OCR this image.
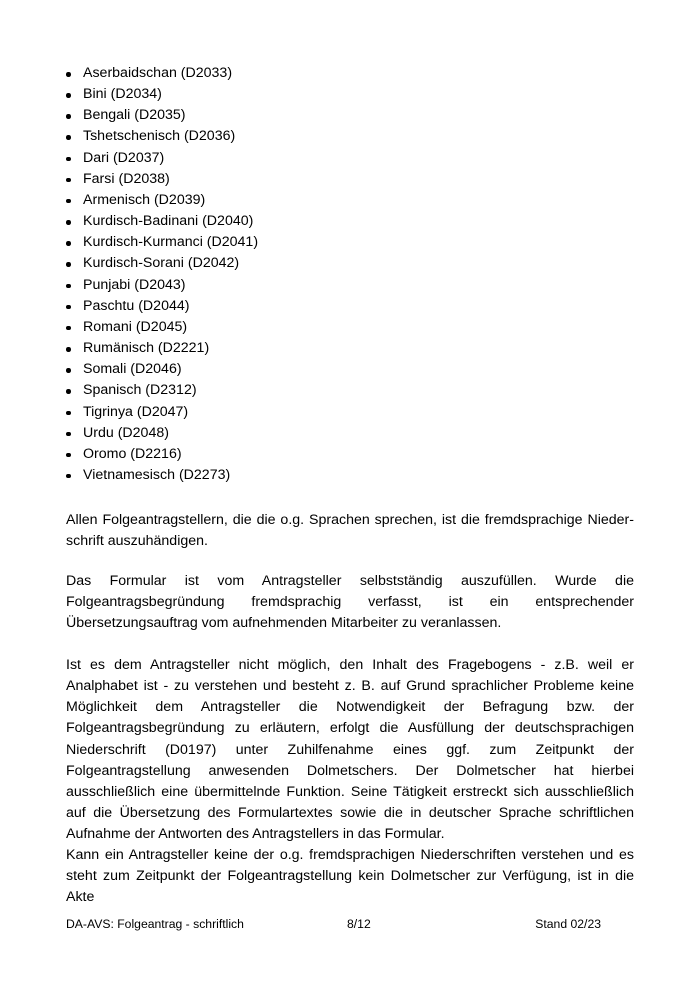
Aserbaidschan (D2033)
Bini (D2034)
Bengali (D2035)
Tshetschenisch (D2036)
Dari (D2037)
Farsi (D2038)
Armenisch (D2039)
Kurdisch-Badinani (D2040)
Kurdisch-Kurmanci (D2041)
Kurdisch-Sorani (D2042)
Punjabi (D2043)
Paschtu (D2044)
Romani (D2045)
Rumänisch (D2221)
Somali (D2046)
Spanisch (D2312)
Tigrinya (D2047)
Urdu (D2048)
Oromo (D2216)
Vietnamesisch (D2273)

Allen Folgeantragstellern, die die o.g. Sprachen sprechen, ist die fremdsprachige Niederschrift auszuhändigen.

Das Formular ist vom Antragsteller selbstständig auszufüllen. Wurde die Folgeantragsbegründung fremdsprachig verfasst, ist ein entsprechender Übersetzungsauftrag vom aufnehmenden Mitarbeiter zu veranlassen.

Ist es dem Antragsteller nicht möglich, den Inhalt des Fragebogens - z.B. weil er Analphabet ist - zu verstehen und besteht z. B. auf Grund sprachlicher Probleme keine Möglichkeit dem Antragsteller die Notwendigkeit der Befragung bzw. der Folgeantragsbegründung zu erläutern, erfolgt die Ausfüllung der deutschsprachigen Niederschrift (D0197) unter Zuhilfenahme eines ggf. zum Zeitpunkt der Folgeantragstellung anwesenden Dolmetschers. Der Dolmetscher hat hierbei ausschließlich eine übermittelnde Funktion. Seine Tätigkeit erstreckt sich ausschließlich auf die Übersetzung des Formulartextes sowie die in deutscher Sprache schriftlichen Aufnahme der Antworten des Antragstellers in das Formular.

Kann ein Antragsteller keine der o.g. fremdsprachigen Niederschriften verstehen und es steht zum Zeitpunkt der Folgeantragstellung kein Dolmetscher zur Verfügung, ist in die Akte

DA-AVS: Folgeantrag - schriftlich	8/12	Stand 02/23
